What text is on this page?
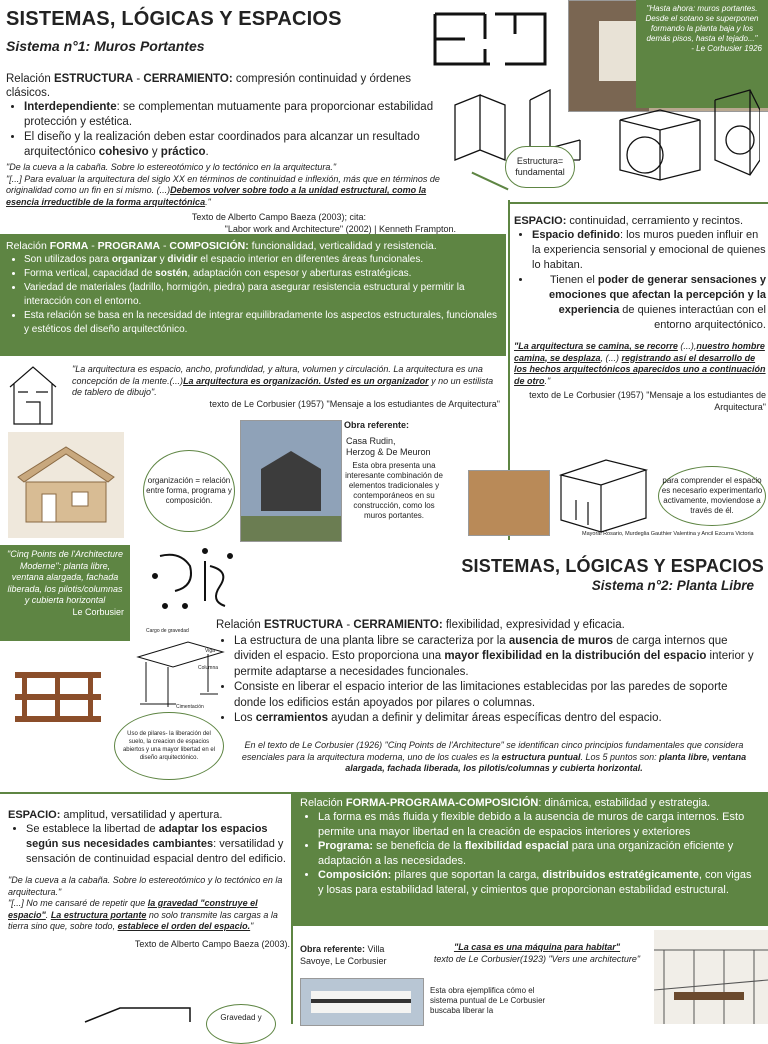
SISTEMAS, LÓGICAS Y ESPACIOS
Sistema n°1: Muros Portantes

"Hasta ahora: muros portantes. Desde el sotano se superponen formando la planta baja y los demás pisos, hasta el tejado..."

- Le Corbusier 1926

Relación ESTRUCTURA - CERRAMIENTO: compresión continuidad y órdenes clásicos.

• Interdependiente: se complementan mutuamente para proporcionar estabilidad protección y estética.
• El diseño y la realización deben estar coordinados para alcanzar un resultado arquitectónico cohesivo y práctico.

"De la cueva a la cabaña. Sobre lo estereotómico y lo tectónico en la arquitectura."

"[...] Para evaluar la arquitectura del siglo XX en términos de continuidad e inflexión, más que en términos de originalidad como un fin en si mismo. (...)Debemos volver sobre todo a la unidad estructural, como la esencia irreductible de la forma arquitectónica."

Texto de Alberto Campo Baeza (2003); cita:

"Labor work and Architecture" (2002) | Kenneth Frampton.

Estructura= fundamental

Relación FORMA - PROGRAMA - COMPOSICIÓN: funcionalidad, verticalidad y resistencia.

• Son utilizados para organizar y dividir el espacio interior en diferentes áreas funcionales.
• Forma vertical, capacidad de sostén, adaptación con espesor y aberturas estratégicas.
• Variedad de materiales (ladrillo, hormigón, piedra) para asegurar resistencia estructural y permitir la interacción con el entorno.
• Esta relación se basa en la necesidad de integrar equilibradamente los aspectos estructurales, funcionales y estéticos del diseño arquitectónico.

ESPACIO: continuidad, cerramiento y recintos.

• Espacio definido: los muros pueden influir en la experiencia sensorial y emocional de quienes lo habitan.
• Tienen el poder de generar sensaciones y emociones que afectan la percepción y la experiencia de quienes interactúan con el entorno arquitectónico.

"La arquitectura se camina, se recorre (...),nuestro hombre camina, se desplaza, (...) registrando así el desarrollo de los hechos arquitectónicos aparecidos uno a continuación de otro."

texto de Le Corbusier (1957) "Mensaje a los estudiantes de Arquitectura"

"La arquitectura es espacio, ancho, profundidad, y altura, volumen y circulación. La arquitectura es una concepción de la mente.(...)La arquitectura es organización. Usted es un organizador y no un estilista de tablero de dibujo".

texto de Le Corbusier (1957) "Mensaje a los estudiantes de Arquitectura"

organización = relación entre forma, programa y composición.

Obra referente:

Casa Rudin,

Herzog & De Meuron

Esta obra presenta una interesante combinación de elementos tradicionales y contemporáneos en su construcción, como los muros portantes.

para comprender el espacio es necesario experimentarlo activamente, moviendose a través de él.

Mayoral Rosario, Murdeglia Gauthier Valentina y Ancil Ezcurra Victoria

"Cinq Points de l'Architecture Moderne": planta libre, ventana alargada, fachada liberada, los pilotis/columnas y cubierta horizontal

Le Corbusier

SISTEMAS, LÓGICAS Y ESPACIOS
Sistema n°2: Planta Libre

Cargo de gravedad

Columna

Viga

Cimentación

Uso de pilares- la liberación del suelo, la creacion de espacios abiertos y una mayor libertad en el diseño arquitectónico.

Relación ESTRUCTURA - CERRAMIENTO: flexibilidad, expresividad y eficacia.

• La estructura de una planta libre se caracteriza por la ausencia de muros de carga internos que dividen el espacio. Esto proporciona una mayor flexibilidad en la distribución del espacio interior y permite adaptarse a necesidades funcionales.
• Consiste en liberar el espacio interior de las limitaciones establecidas por las paredes de soporte donde los edificios están apoyados por pilares o columnas.
• Los cerramientos ayudan a definir y delimitar áreas específicas dentro del espacio.

En el texto de Le Corbusier (1926) "Cinq Points de l'Architecture" se identifican cinco principios fundamentales que considera esenciales para la arquitectura moderna, uno de los cuales es la estructura puntual. Los 5 puntos son: planta libre, ventana alargada, fachada liberada, los pilotis/columnas y cubierta horizontal.

ESPACIO: amplitud, versatilidad y apertura.

• Se establece la libertad de adaptar los espacios según sus necesidades cambiantes: versatilidad y sensación de continuidad espacial dentro del edificio.

"De la cueva a la cabaña. Sobre lo estereotómico y lo tectónico en la arquitectura."

"[...] No me cansaré de repetir que la gravedad "construye el espacio". La estructura portante no solo transmite las cargas a la tierra sino que, sobre todo, establece el orden del espacio."

Texto de Alberto Campo Baeza (2003).

Gravedad y

Relación FORMA-PROGRAMA-COMPOSICIÓN: dinámica, estabilidad y estrategia.

• La forma es más fluida y flexible debido a la ausencia de muros de carga internos. Esto permite una mayor libertad en la creación de espacios interiores y exteriores
• Programa: se beneficia de la flexibilidad espacial para una organización eficiente y adaptación a las necesidades.
• Composición: pilares que soportan la carga, distribuidos estratégicamente, con vigas y losas para estabilidad lateral, y cimientos que proporcionan estabilidad estructural.

Obra referente: Villa Savoye, Le Corbusier

Esta obra ejemplifica cómo el sistema puntual de Le Corbusier buscaba liberar la

"La casa es una máquina para habitar"

texto de Le Corbusier(1923) "Vers une architecture"
